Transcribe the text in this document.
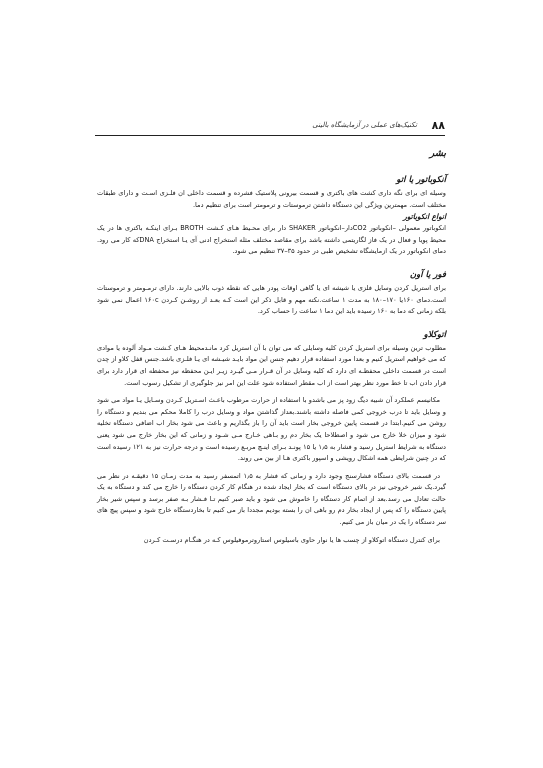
۸۸
تکنیک‌های عملی در آزمایشگاه بالینی
بشر
آنکوباتور یا اتو

وسیله ای برای نگه داری کشت های باکتری و قسمت بیرونی پلاستیک فشرده و قسمت داخلی ان فلـزی اسـت و دارای طبقات مختلف است. مهمترین ویژگی این دستگاه داشتن ترموستات و ترمومتر است برای تنظیم دما.

انواع انکوباتور

انکوباتور معمولی –انکوباتور CO2دار–انکوباتور SHAKER دار برای محـیط هـای کـشت BROTH بـرای اینکـه باکتری ها در یک محیط پویا و فعال در یک فاز لگاریتمی داشته باشد برای مقاصد مختلف مثله استخراج ادنی آی یـا استخراج DNAکه کار می رود. دمای انکوباتور در یک ازمایشگاه تشخیص طبی در حدود ۳۵–۳۷ تنظیم می شود.

فور یا آون

برای استریل کردن وسایل فلزی یا شیشه ای یا گاهی اوقات پودر هایی که نقطه ذوب بالایی دارند. دارای ترمـومتر و ترموستات است.دمای ۱۶۰یا ۱۷۰–۱۸۰ به مدت ۱ ساعت.نکته مهم و قابل ذکر این است کـه بعـد از روشـن کـردن ۱۶۰c اعمال نمی شود بلکه زمانی که دما به ۱۶۰ رسیده باید این دما ۱ ساعت را حساب کرد.

اتوکلاو

مطلوب ترین وسیله برای استریل کردن کلیه وسایلی که می توان با آن استریل کرد مانـدمحیط هـای کـشت مـواد آلوده یا موادی که می خواهیم استریل کنیم و بعدا مورد استفاده قرار دهیم جنس این مواد بایـد شیـشه ای یـا فلـزی باشد.جنس قفل کلاو از چدن است در قسمت داخلی محفظـه ای دارد که کلیه وسایل در آن قـرار مـی گیـرد زیـر ایـن محفظه نیز محفظه ای قرار دارد برای قرار دادن اب تا خط مورد نظر بهتر است از اب مقطر استفاده شود علت این امر نیز جلوگیری از تشکیل رسوب است.

مکانیسم عملکرد آن شبیه دیگ زود پز می باشدو با استفاده از حرارت مرطوب باعـث اسـتریل کـردن وسـایل یـا مواد می شود و وسایل باید تا درب خروجی کمی فاصله داشته باشند.بعداز گذاشتن مواد و وسایل درب را کاملا محکم می بندیم و دستگاه را روشن می کنیم.ابتدا در قسمت پایین خروجی بخار است باید آن را باز بگذاریم و باعث می شود بخار اب اضافی دستگاه تخلیه شود و میزان خلا خارج می شود و اصطلاحا یک بخار دم رو بـاهی خـارج مـی شـود و زمانی که این بخار خارج می شود یعنی دستگاه به شرایط استریل رسید و فشار به ۱٫۵ یا ۱۵ پونـد بـرای اینـچ مربـع رسیده است و درجه حرارت نیز به ۱۲۱ رسیده است که در چنین شرایطی همه اشکال رویشی و اسپور باکتری هـا از بین می روند.

در قسمت بالای دستگاه فشارسنج وجود دارد و زمانی که فشار به ۱٫۵ اتمسفر رسید به مدت زمـان ۱۵ دقیقـه در نظر می گیرد.یک شیر خروجی نیز در بالای دستگاه است که بخار ایجاد شده در هنگام کار کردن دستگاه را خارج می کند و دستگاه به یک حالت تعادل می رسد.بعد از اتمام کار دستگاه را خاموش می شود و باید صبر کنیم تـا فـشار بـه صفر برسد و سپس شیر بخار پایین دستگاه را که پس از ایجاد بخار دم رو باهی ان را بسته بودیم مجددا باز می کنیم تا بخاردستگاه خارج شود و سپس پیچ های سر دستگاه را یک در میان باز می کنیم.

برای کنترل دستگاه اتوکلاو از چسب ها یا نوار حاوی باسیلوس استاروترموفیلوس کـه در هنگـام درسـت کـردن
